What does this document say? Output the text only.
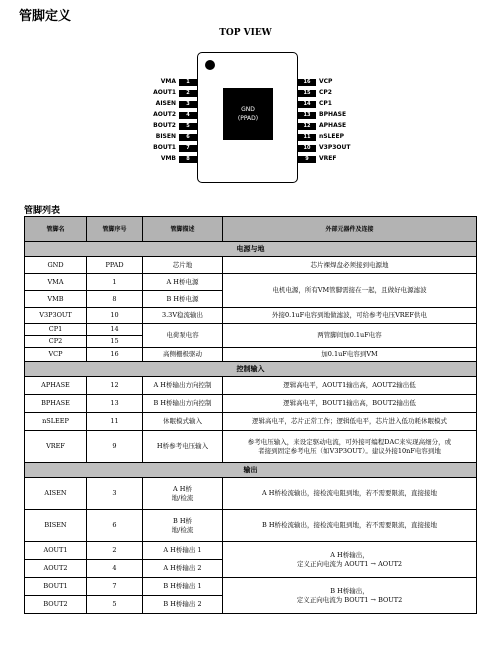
管脚定义
TOP VIEW
GND
(PPAD)
VMA	1
AOUT1	2
AISEN	3
AOUT2	4
BOUT2	5
BISEN	6
BOUT1	7
VMB	8
16	VCP
15	CP2
14	CP1
13	BPHASE
12	APHASE
11	nSLEEP
10	V3P3OUT
9	VREF
管脚列表
管脚名	管脚序号	管脚描述	外部元器件及连接
电源与地			
GND	PPAD	芯片地	芯片裸焊盘必须接到电源地
VMA	1	A H桥电源	电机电源，所有VM管脚需接在一起，且做好电源滤波
VMB	8	B H桥电源	
V3P3OUT	10	3.3V稳流输出	外接0.1uF电容到地做滤波，可给参考电压VREF供电
CP1	14	电荷泵电容	两管脚间加0.1uF电容
CP2	15		
VCP	16	高侧栅极驱动	加0.1uF电容到VM
控制输入			
APHASE	12	A H桥输出方向控制	逻辑高电平，AOUT1输出高，AOUT2输出低
BPHASE	13	B H桥输出方向控制	逻辑高电平，BOUT1输出高，BOUT2输出低
nSLEEP	11	休眠模式输入	逻辑高电平，芯片正常工作；逻辑低电平，芯片进入低功耗休眠模式
VREF	9	H桥参考电压输入	参考电压输入，来设定驱动电流，可外接可编程DAC来实现高细分，或
者接到固定参考电压（如V3P3OUT）。建议外接10nF电容到地

输出			
AISEN	3	A H桥
地/检流	A H桥检流输出，接检流电阻到地，若不需要限流，直接接地
BISEN	6	B H桥
地/检流	B H桥检流输出，接检流电阻到地，若不需要限流，直接接地
AOUT1	2	A H桥输出 1	A H桥输出，
定义正向电流为 AOUT1 → AOUT2

AOUT2	4	A H桥输出 2	
BOUT1	7	B H桥输出 1	B H桥输出，
定义正向电流为 BOUT1 → BOUT2

BOUT2	5	B H桥输出 2	
